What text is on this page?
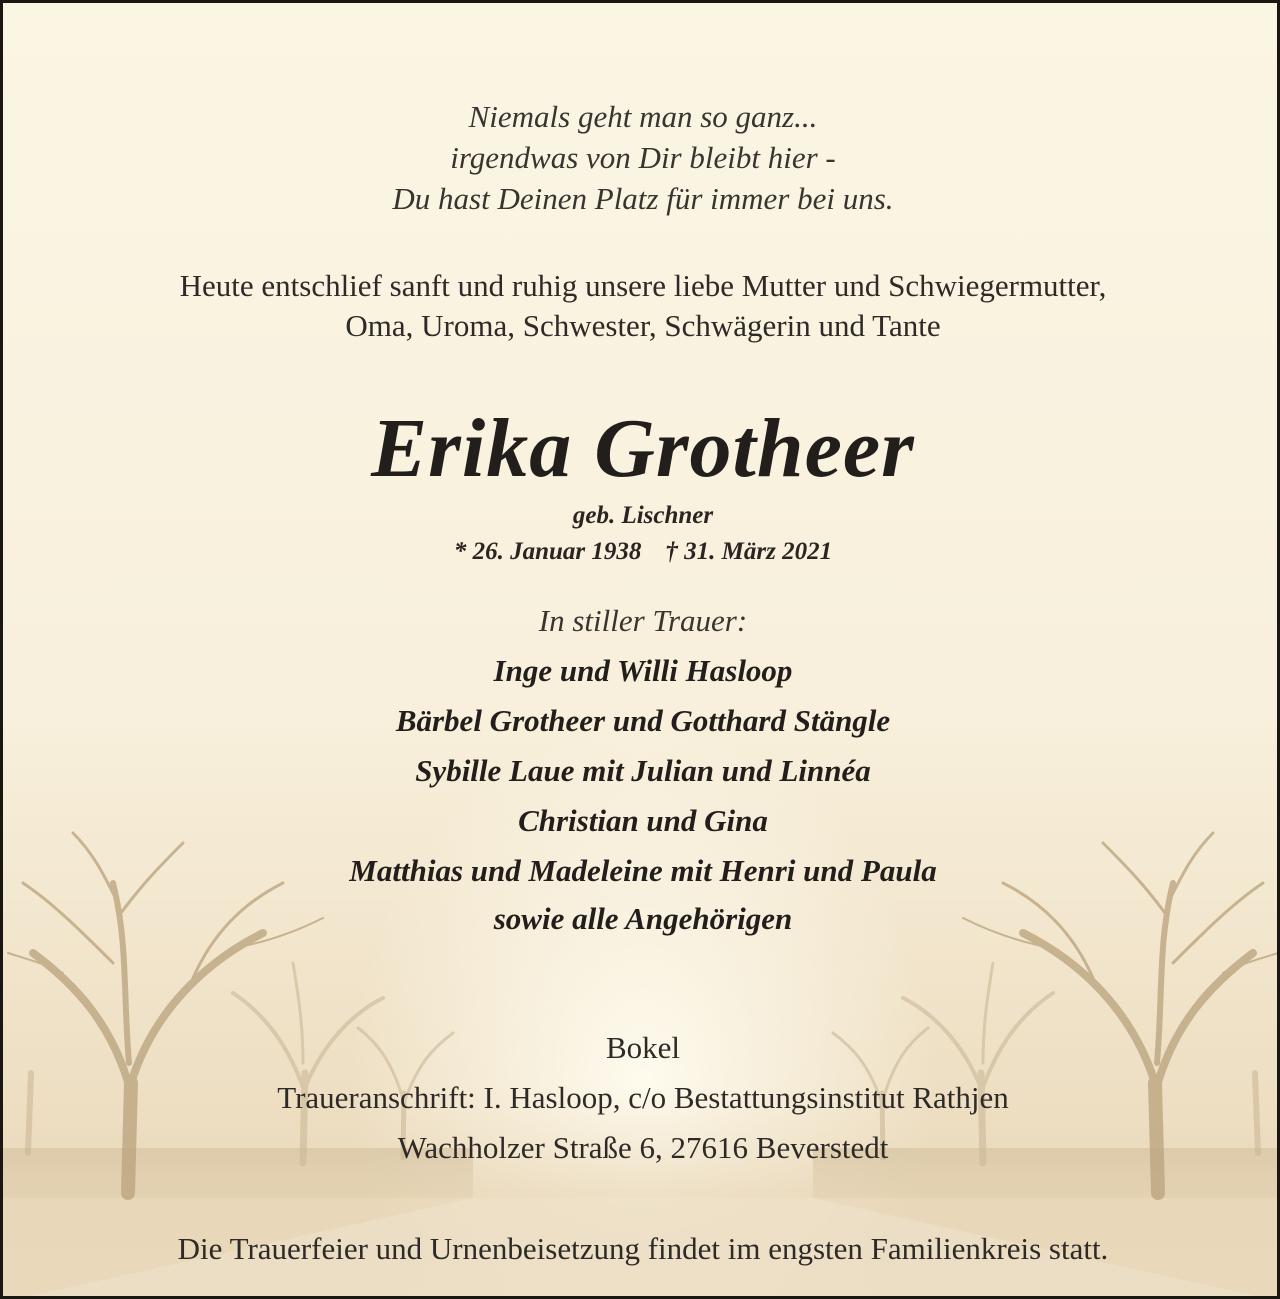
Niemals geht man so ganz...
irgendwas von Dir bleibt hier -
Du hast Deinen Platz für immer bei uns.
Heute entschlief sanft und ruhig unsere liebe Mutter und Schwiegermutter,
Oma, Uroma, Schwester, Schwägerin und Tante
Erika Grotheer
geb. Lischner
* 26. Januar 1938 † 31. März 2021
In stiller Trauer:
Inge und Willi Hasloop
Bärbel Grotheer und Gotthard Stängle
Sybille Laue mit Julian und Linnéa
Christian und Gina
Matthias und Madeleine mit Henri und Paula
sowie alle Angehörigen
Bokel
Traueranschrift: I. Hasloop, c/o Bestattungsinstitut Rathjen
Wachholzer Straße 6, 27616 Beverstedt
Die Trauerfeier und Urnenbeisetzung findet im engsten Familienkreis statt.
